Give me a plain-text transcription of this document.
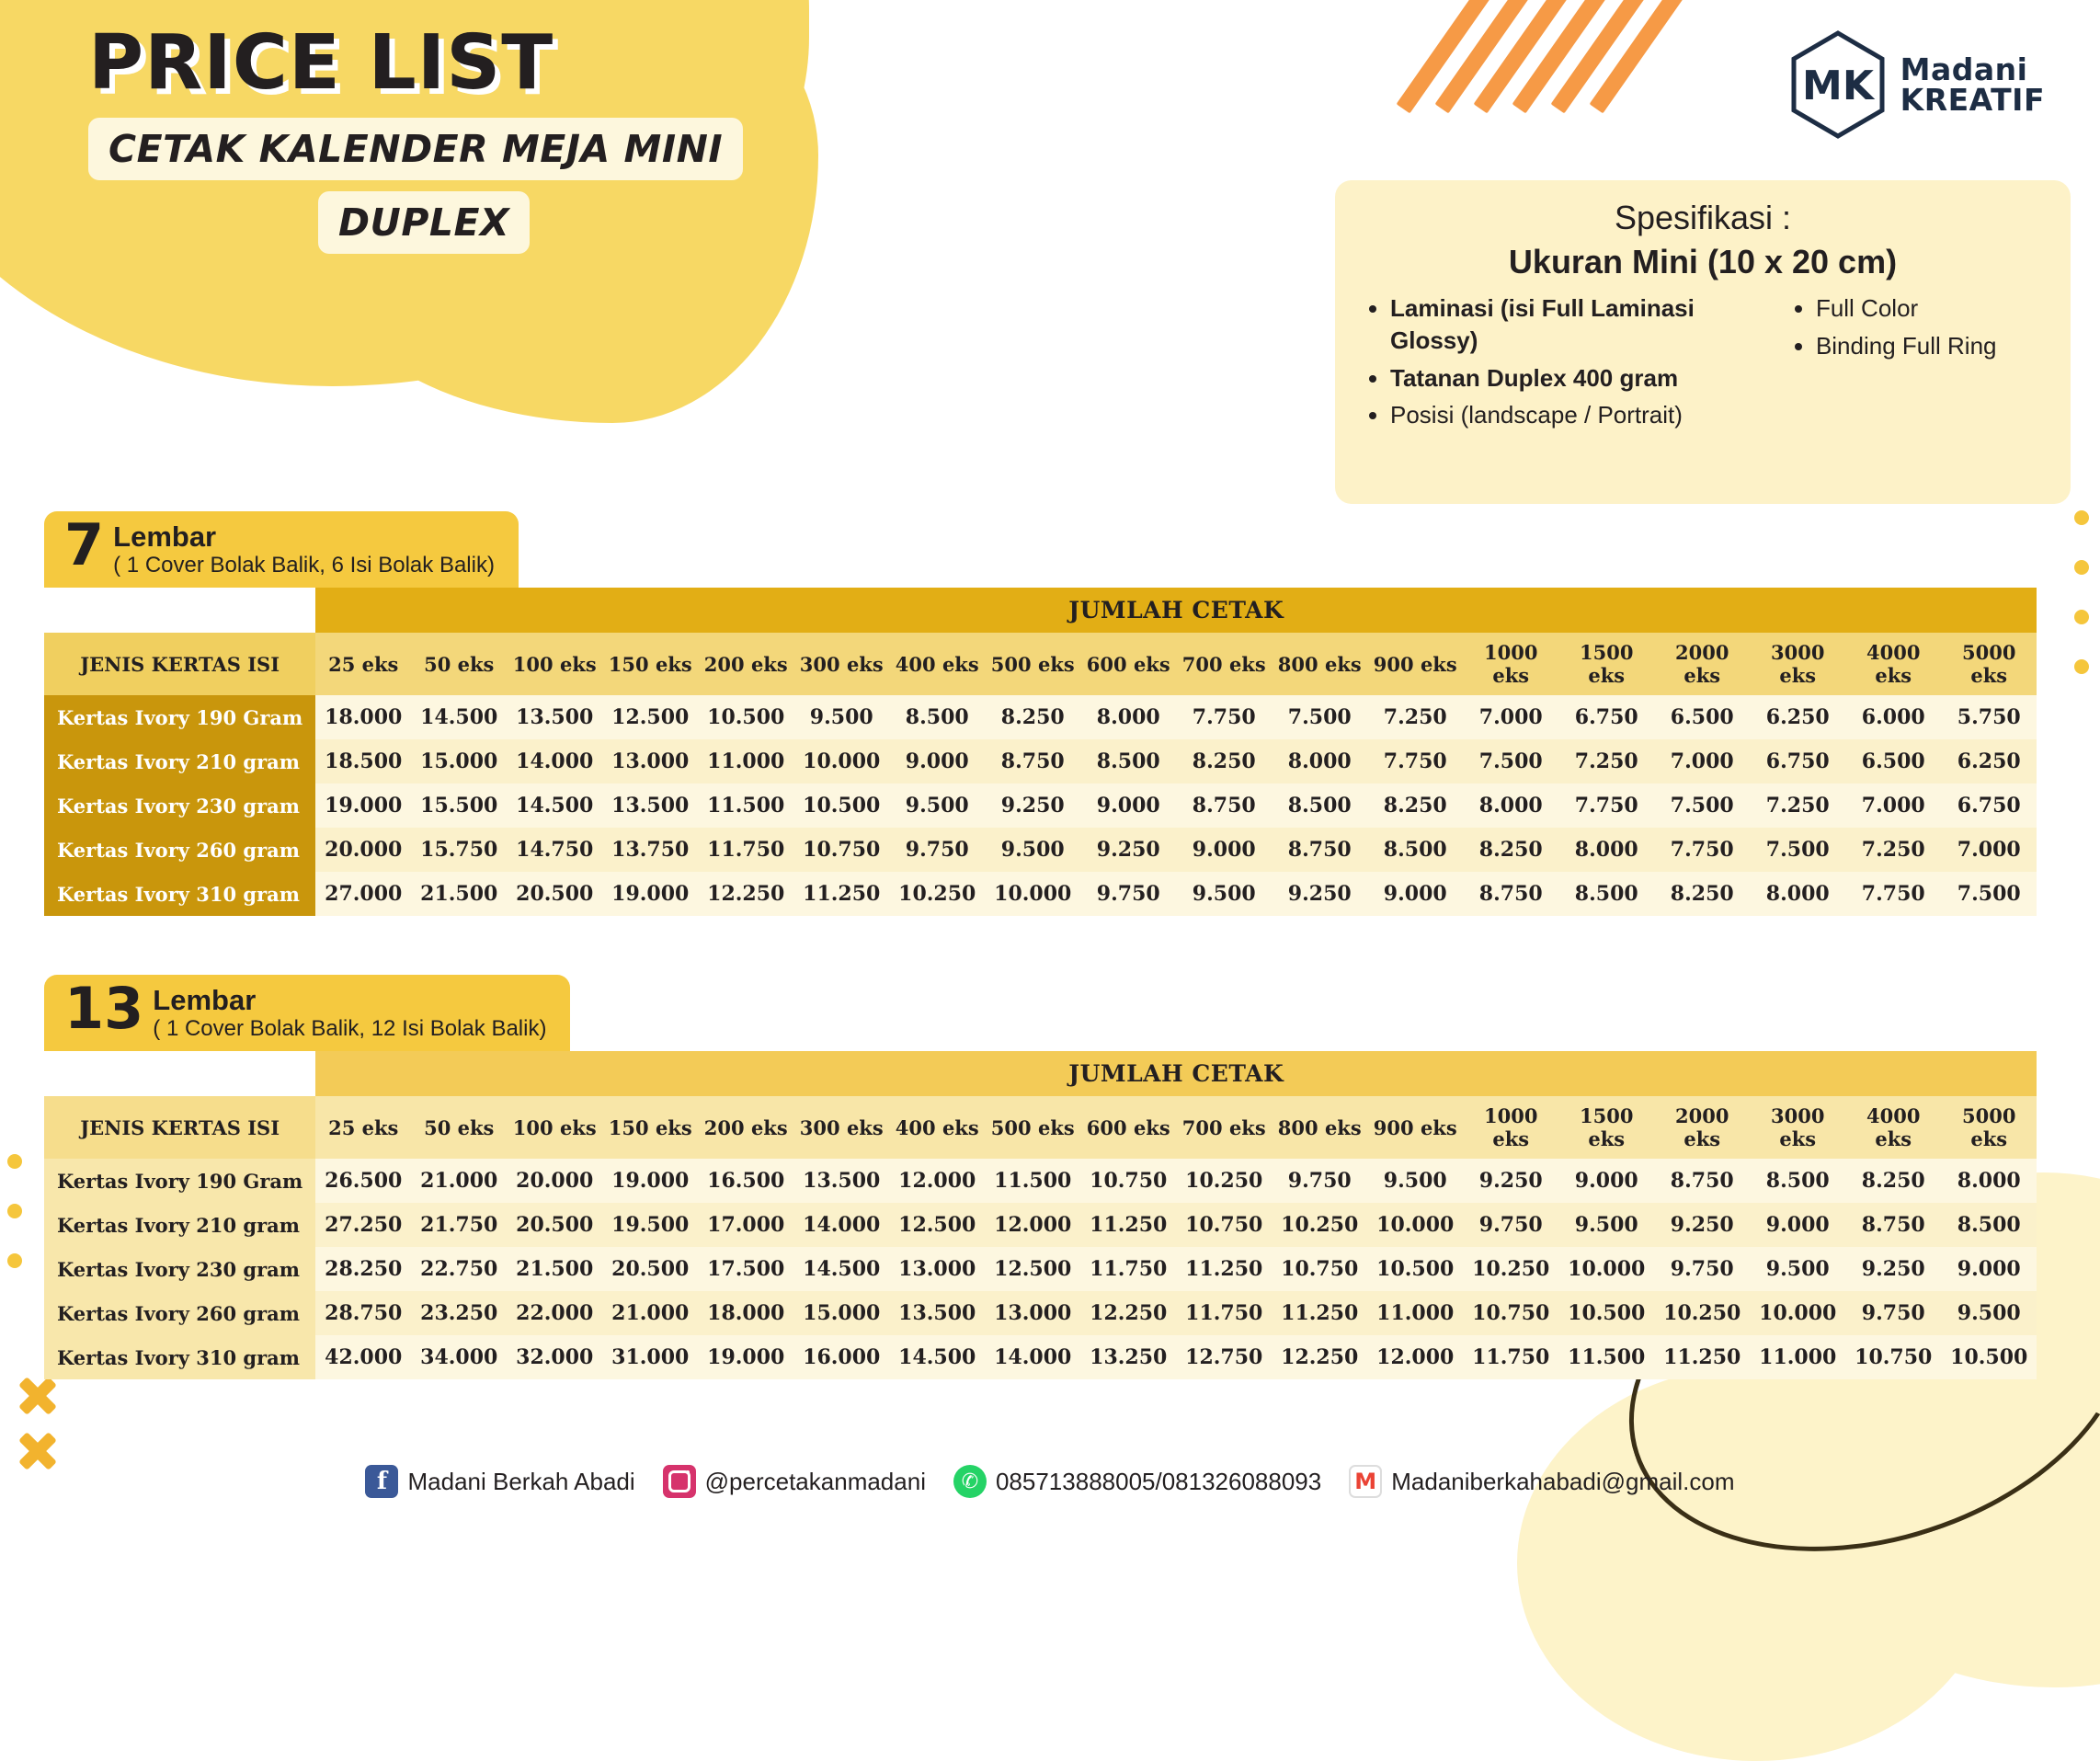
PRICE LIST
CETAK KALENDER MEJA MINI
DUPLEX
MK Madani
KREATIF
Spesifikasi :
Ukuran Mini (10 x 20 cm)
• Laminasi (isi Full Laminasi Glossy)
• Tatanan Duplex 400 gram
• Posisi (landscape / Portrait)
• Full Color
• Binding Full Ring
7 Lembar
( 1 Cover Bolak Balik, 6 Isi Bolak Balik)
	JUMLAH CETAK																	
JENIS KERTAS ISI	25 eks	50 eks	100 eks	150 eks	200 eks	300 eks	400 eks	500 eks	600 eks	700 eks	800 eks	900 eks	1000 eks	1500 eks	2000 eks	3000 eks	4000 eks	5000 eks
Kertas Ivory 190 Gram	18.000	14.500	13.500	12.500	10.500	9.500	8.500	8.250	8.000	7.750	7.500	7.250	7.000	6.750	6.500	6.250	6.000	5.750
Kertas Ivory 210 gram	18.500	15.000	14.000	13.000	11.000	10.000	9.000	8.750	8.500	8.250	8.000	7.750	7.500	7.250	7.000	6.750	6.500	6.250
Kertas Ivory 230 gram	19.000	15.500	14.500	13.500	11.500	10.500	9.500	9.250	9.000	8.750	8.500	8.250	8.000	7.750	7.500	7.250	7.000	6.750
Kertas Ivory 260 gram	20.000	15.750	14.750	13.750	11.750	10.750	9.750	9.500	9.250	9.000	8.750	8.500	8.250	8.000	7.750	7.500	7.250	7.000
Kertas Ivory 310 gram	27.000	21.500	20.500	19.000	12.250	11.250	10.250	10.000	9.750	9.500	9.250	9.000	8.750	8.500	8.250	8.000	7.750	7.500
13 Lembar
( 1 Cover Bolak Balik, 12 Isi Bolak Balik)
	JUMLAH CETAK																	
JENIS KERTAS ISI	25 eks	50 eks	100 eks	150 eks	200 eks	300 eks	400 eks	500 eks	600 eks	700 eks	800 eks	900 eks	1000 eks	1500 eks	2000 eks	3000 eks	4000 eks	5000 eks
Kertas Ivory 190 Gram	26.500	21.000	20.000	19.000	16.500	13.500	12.000	11.500	10.750	10.250	9.750	9.500	9.250	9.000	8.750	8.500	8.250	8.000
Kertas Ivory 210 gram	27.250	21.750	20.500	19.500	17.000	14.000	12.500	12.000	11.250	10.750	10.250	10.000	9.750	9.500	9.250	9.000	8.750	8.500
Kertas Ivory 230 gram	28.250	22.750	21.500	20.500	17.500	14.500	13.000	12.500	11.750	11.250	10.750	10.500	10.250	10.000	9.750	9.500	9.250	9.000
Kertas Ivory 260 gram	28.750	23.250	22.000	21.000	18.000	15.000	13.500	13.000	12.250	11.750	11.250	11.000	10.750	10.500	10.250	10.000	9.750	9.500
Kertas Ivory 310 gram	42.000	34.000	32.000	31.000	19.000	16.000	14.500	14.000	13.250	12.750	12.250	12.000	11.750	11.500	11.250	11.000	10.750	10.500
f Madani Berkah Abadi	@percetakanmadani	✆ 085713888005/081326088093 M Madaniberkahabadi@gmail.com
